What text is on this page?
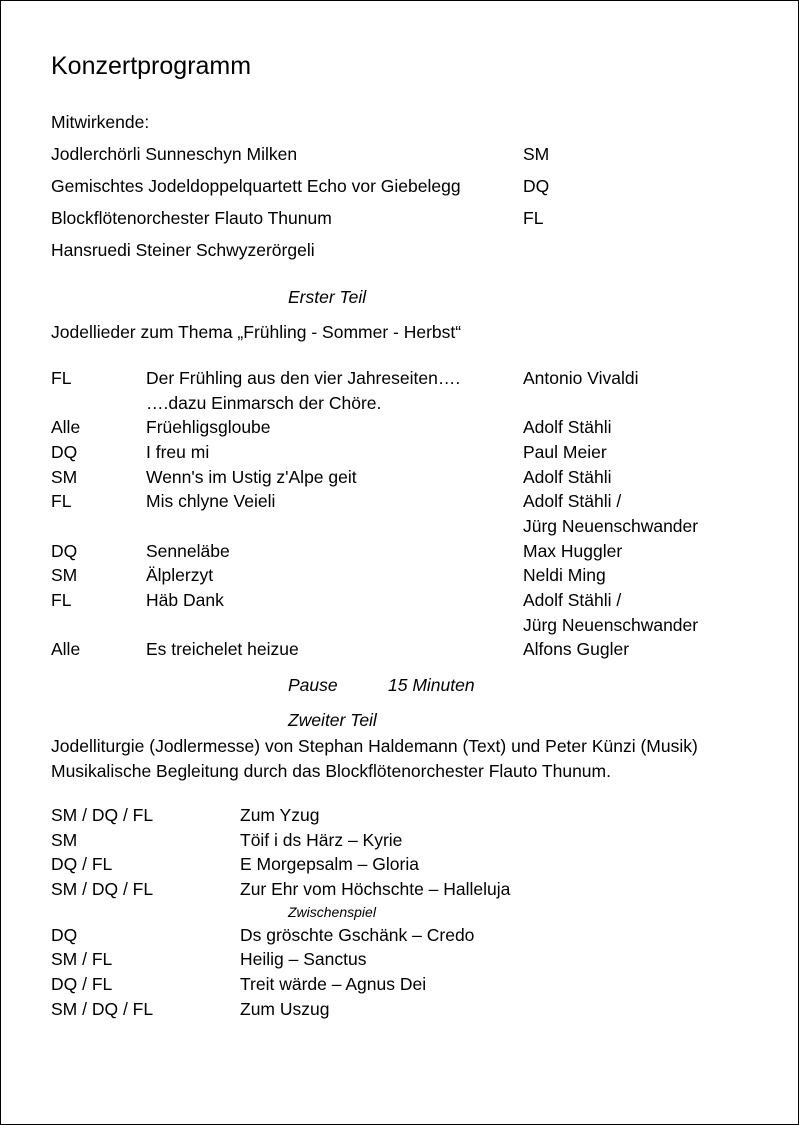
Konzertprogramm
Mitwirkende:
Jodlerchörli Sunneschyn Milken	SM
Gemischtes Jodeldoppelquartett Echo vor Giebelegg	DQ
Blockflötenorchester Flauto Thunum	FL
Hansruedi Steiner Schwyzerörgeli
Erster Teil
Jodellieder zum Thema „Frühling - Sommer - Herbst“
FL	Der Frühling aus den vier Jahreseiten….	Antonio Vivaldi
….dazu Einmarsch der Chöre.
Alle	Früehligsgloube	Adolf Stähli
DQ	I freu mi	Paul Meier
SM	Wenn's im Ustig z'Alpe geit	Adolf Stähli
FL	Mis chlyne Veieli	Adolf Stähli /
Jürg Neuenschwander
DQ	Senneläbe	Max Huggler
SM	Älplerzyt	Neldi Ming
FL	Häb Dank	Adolf Stähli /
Jürg Neuenschwander
Alle	Es treichelet heizue	Alfons Gugler
Pause	15 Minuten
Zweiter Teil
Jodelliturgie (Jodlermesse) von Stephan Haldemann (Text) und Peter Künzi (Musik)
Musikalische Begleitung durch das Blockflötenorchester Flauto Thunum.
SM / DQ / FL	Zum Yzug
SM	Töif i ds Härz – Kyrie
DQ / FL	E Morgepsalm – Gloria
SM / DQ / FL	Zur Ehr vom Höchschte – Halleluja
Zwischenspiel
DQ	Ds gröschte Gschänk – Credo
SM / FL	Heilig – Sanctus
DQ / FL	Treit wärde – Agnus Dei
SM / DQ / FL	Zum Uszug
